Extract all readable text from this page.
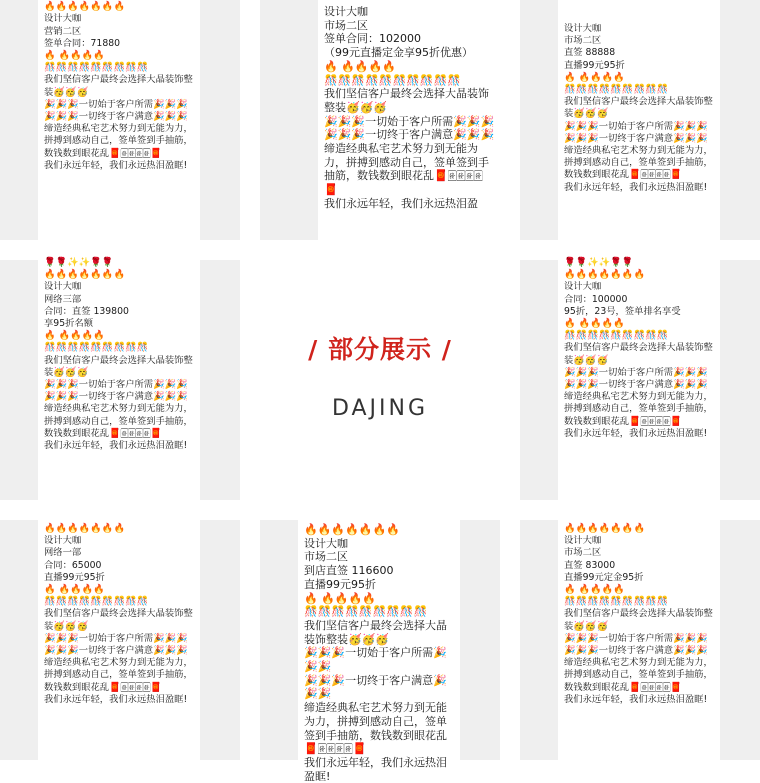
🔥🔥🔥🔥🔥🔥🔥
设计大咖
营销二区
签单合同：71880
🔥 🔥🔥🔥🔥
🎊🎊🎊🎊🎊🎊🎊🎊🎊
我们坚信客户最终会选择大晶装饰整装🥳🥳🥳
🎉🎉🎉一切始于客户所需🎉🎉🎉
🎉🎉🎉一切终于客户满意🎉🎉🎉
缔造经典私宅艺术努力到无能为力，拼搏到感动自己，签单签到手抽筋，数钱数到眼花乱🧧🀅🀅🀅🀅🧧
我们永远年轻，我们永远热泪盈眶!
设计大咖
市场二区
签单合同：102000
（99元直播定金享95折优惠）
🔥 🔥🔥🔥🔥
🎊🎊🎊🎊🎊🎊🎊🎊🎊🎊
我们坚信客户最终会选择大晶装饰整装🥳🥳🥳
🎉🎉🎉一切始于客户所需🎉🎉🎉
🎉🎉🎉一切终于客户满意🎉🎉🎉
缔造经典私宅艺术努力到无能为力，拼搏到感动自己，签单签到手抽筋，数钱数到眼花乱🧧🀅🀅🀅🀅🧧
我们永远年轻，我们永远热泪盈
设计大咖
市场二区
直签 88888
直播99元95折
🔥 🔥🔥🔥🔥
🎊🎊🎊🎊🎊🎊🎊🎊🎊
我们坚信客户最终会选择大晶装饰整装🥳🥳🥳
🎉🎉🎉一切始于客户所需🎉🎉🎉
🎉🎉🎉一切终于客户满意🎉🎉🎉
缔造经典私宅艺术努力到无能为力，拼搏到感动自己，签单签到手抽筋，数钱数到眼花乱🧧🀅🀅🀅🀅🧧
我们永远年轻，我们永远热泪盈眶!
🌹🌹✨✨🌹🌹
🔥🔥🔥🔥🔥🔥🔥
设计大咖
网络三部
合同：直签 139800
享95折名额
🔥 🔥🔥🔥🔥
🎊🎊🎊🎊🎊🎊🎊🎊🎊
我们坚信客户最终会选择大晶装饰整装🥳🥳🥳
🎉🎉🎉一切始于客户所需🎉🎉🎉
🎉🎉🎉一切终于客户满意🎉🎉🎉
缔造经典私宅艺术努力到无能为力，拼搏到感动自己，签单签到手抽筋，数钱数到眼花乱🧧🀅🀅🀅🀅🧧
我们永远年轻，我们永远热泪盈眶!
/ 部分展示 /
DAJING
🌹🌹✨✨🌹🌹
🔥🔥🔥🔥🔥🔥🔥
设计大咖
合同：100000
95折，23号，签单排名享受
🔥 🔥🔥🔥🔥
🎊🎊🎊🎊🎊🎊🎊🎊🎊
我们坚信客户最终会选择大晶装饰整装🥳🥳🥳
🎉🎉🎉一切始于客户所需🎉🎉🎉
🎉🎉🎉一切终于客户满意🎉🎉🎉
缔造经典私宅艺术努力到无能为力，拼搏到感动自己，签单签到手抽筋，数钱数到眼花乱🧧🀅🀅🀅🀅🧧
我们永远年轻，我们永远热泪盈眶!
🔥🔥🔥🔥🔥🔥🔥
设计大咖
网络一部
合同：65000
直播99元95折
🔥 🔥🔥🔥🔥
🎊🎊🎊🎊🎊🎊🎊🎊🎊
我们坚信客户最终会选择大晶装饰整装🥳🥳🥳
🎉🎉🎉一切始于客户所需🎉🎉🎉
🎉🎉🎉一切终于客户满意🎉🎉🎉
缔造经典私宅艺术努力到无能为力，拼搏到感动自己，签单签到手抽筋，数钱数到眼花乱🧧🀅🀅🀅🀅🧧
我们永远年轻，我们永远热泪盈眶!
🔥🔥🔥🔥🔥🔥🔥
设计大咖
市场二区
到店直签 116600
直播99元95折
🔥 🔥🔥🔥🔥
🎊🎊🎊🎊🎊🎊🎊🎊🎊
我们坚信客户最终会选择大晶装饰整装🥳🥳🥳
🎉🎉🎉一切始于客户所需🎉🎉🎉
🎉🎉🎉一切终于客户满意🎉🎉🎉
缔造经典私宅艺术努力到无能为力，拼搏到感动自己，签单签到手抽筋，数钱数到眼花乱🧧🀅🀅🀅🀅🧧
我们永远年轻，我们永远热泪盈眶!
🔥🔥🔥🔥🔥🔥🔥
设计大咖
市场二区
直签 83000
直播99元定金95折
🔥 🔥🔥🔥🔥
🎊🎊🎊🎊🎊🎊🎊🎊🎊
我们坚信客户最终会选择大晶装饰整装🥳🥳🥳
🎉🎉🎉一切始于客户所需🎉🎉🎉
🎉🎉🎉一切终于客户满意🎉🎉🎉
缔造经典私宅艺术努力到无能为力，拼搏到感动自己，签单签到手抽筋，数钱数到眼花乱🧧🀅🀅🀅🀅🧧
我们永远年轻，我们永远热泪盈眶!
